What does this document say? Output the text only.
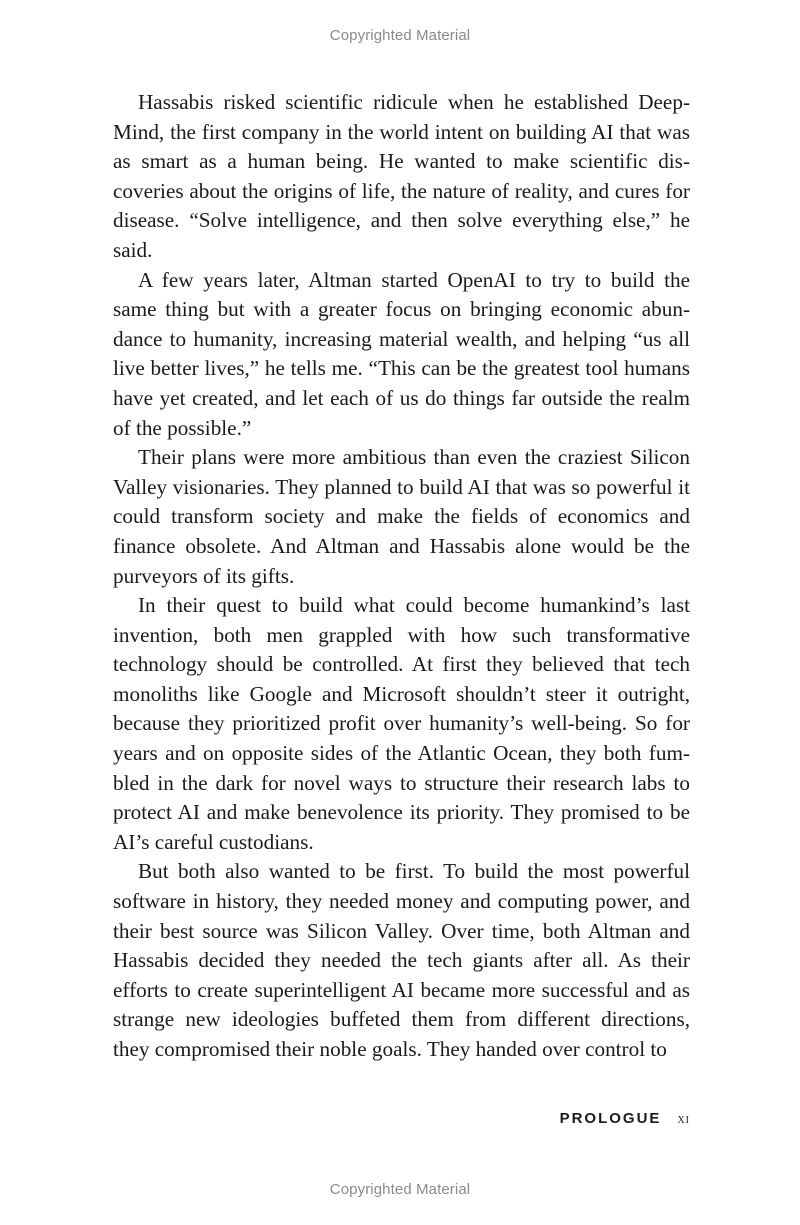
Copyrighted Material

Hassabis risked scientific ridicule when he established DeepMind, the first company in the world intent on building AI that was as smart as a human being. He wanted to make scientific discoveries about the origins of life, the nature of reality, and cures for disease. “Solve intelligence, and then solve everything else,” he said.

A few years later, Altman started OpenAI to try to build the same thing but with a greater focus on bringing economic abundance to humanity, increasing material wealth, and helping “us all live better lives,” he tells me. “This can be the greatest tool humans have yet created, and let each of us do things far outside the realm of the possible.”

Their plans were more ambitious than even the craziest Silicon Valley visionaries. They planned to build AI that was so powerful it could transform society and make the fields of economics and finance obsolete. And Altman and Hassabis alone would be the purveyors of its gifts.

In their quest to build what could become humankind’s last invention, both men grappled with how such transformative technology should be controlled. At first they believed that tech monoliths like Google and Microsoft shouldn’t steer it outright, because they prioritized profit over humanity’s well-being. So for years and on opposite sides of the Atlantic Ocean, they both fumbled in the dark for novel ways to structure their research labs to protect AI and make benevolence its priority. They promised to be AI’s careful custodians.

But both also wanted to be first. To build the most powerful software in history, they needed money and computing power, and their best source was Silicon Valley. Over time, both Altman and Hassabis decided they needed the tech giants after all. As their efforts to create superintelligent AI became more successful and as strange new ideologies buffeted them from different directions, they compromised their noble goals. They handed over control to

PROLOGUE xi
Copyrighted Material
